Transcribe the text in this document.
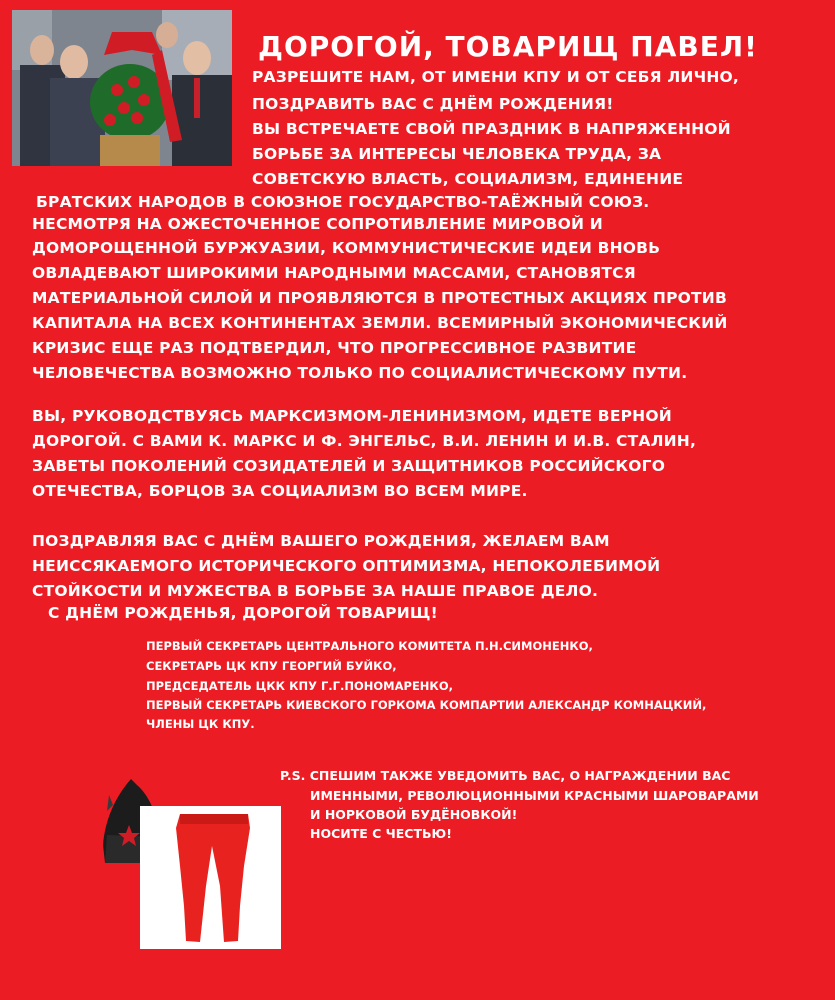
ДОРОГОЙ, ТОВАРИЩ ПАВЕЛ!
РАЗРЕШИТЕ НАМ, ОТ ИМЕНИ КПУ И ОТ СЕБЯ ЛИЧНО,
ПОЗДРАВИТЬ ВАС С ДНЁМ РОЖДЕНИЯ!
ВЫ ВСТРЕЧАЕТЕ СВОЙ ПРАЗДНИК В НАПРЯЖЕННОЙ
БОРЬБЕ ЗА ИНТЕРЕСЫ ЧЕЛОВЕКА ТРУДА, ЗА
СОВЕТСКУЮ ВЛАСТЬ, СОЦИАЛИЗМ, ЕДИНЕНИЕ
БРАТСКИХ НАРОДОВ В СОЮЗНОЕ ГОСУДАРСТВО-ТАЁЖНЫЙ СОЮЗ.
НЕСМОТРЯ НА ОЖЕСТОЧЕННОЕ СОПРОТИВЛЕНИЕ МИРОВОЙ И
ДОМОРОЩЕННОЙ БУРЖУАЗИИ, КОММУНИСТИЧЕСКИЕ ИДЕИ ВНОВЬ
ОВЛАДЕВАЮТ ШИРОКИМИ НАРОДНЫМИ МАССАМИ, СТАНОВЯТСЯ
МАТЕРИАЛЬНОЙ СИЛОЙ И ПРОЯВЛЯЮТСЯ В ПРОТЕСТНЫХ АКЦИЯХ ПРОТИВ
КАПИТАЛА НА ВСЕХ КОНТИНЕНТАХ ЗЕМЛИ. ВСЕМИРНЫЙ ЭКОНОМИЧЕСКИЙ
КРИЗИС ЕЩЕ РАЗ ПОДТВЕРДИЛ, ЧТО ПРОГРЕССИВНОЕ РАЗВИТИЕ
ЧЕЛОВЕЧЕСТВА ВОЗМОЖНО ТОЛЬКО ПО СОЦИАЛИСТИЧЕСКОМУ ПУТИ.
ВЫ, РУКОВОДСТВУЯСЬ МАРКСИЗМОМ-ЛЕНИНИЗМОМ, ИДЕТЕ ВЕРНОЙ
ДОРОГОЙ. С ВАМИ К. МАРКС И Ф. ЭНГЕЛЬС, В.И. ЛЕНИН И И.В. СТАЛИН,
ЗАВЕТЫ ПОКОЛЕНИЙ СОЗИДАТЕЛЕЙ И ЗАЩИТНИКОВ РОССИЙСКОГО
ОТЕЧЕСТВА, БОРЦОВ ЗА СОЦИАЛИЗМ ВО ВСЕМ МИРЕ.
ПОЗДРАВЛЯЯ ВАС С ДНЁМ ВАШЕГО РОЖДЕНИЯ, ЖЕЛАЕМ ВАМ
НЕИССЯКАЕМОГО ИСТОРИЧЕСКОГО ОПТИМИЗМА, НЕПОКОЛЕБИМОЙ
СТОЙКОСТИ И МУЖЕСТВА В БОРЬБЕ ЗА НАШЕ ПРАВОЕ ДЕЛО.
С ДНЁМ РОЖДЕНЬЯ, ДОРОГОЙ ТОВАРИЩ!
ПЕРВЫЙ СЕКРЕТАРЬ ЦЕНТРАЛЬНОГО КОМИТЕТА П.Н.СИМОНЕНКО,
СЕКРЕТАРЬ ЦК КПУ ГЕОРГИЙ БУЙКО,
ПРЕДСЕДАТЕЛЬ ЦКК КПУ Г.Г.ПОНОМАРЕНКО,
ПЕРВЫЙ СЕКРЕТАРЬ КИЕВСКОГО ГОРКОМА КОМПАРТИИ АЛЕКСАНДР КОМНАЦКИЙ,
ЧЛЕНЫ ЦК КПУ.
P.S. СПЕШИМ ТАКЖЕ УВЕДОМИТЬ ВАС, О НАГРАЖДЕНИИ ВАС
ИМЕННЫМИ, РЕВОЛЮЦИОННЫМИ КРАСНЫМИ ШАРОВАРАМИ
И НОРКОВОЙ БУДЁНОВКОЙ!
НОСИТЕ С ЧЕСТЬЮ!
